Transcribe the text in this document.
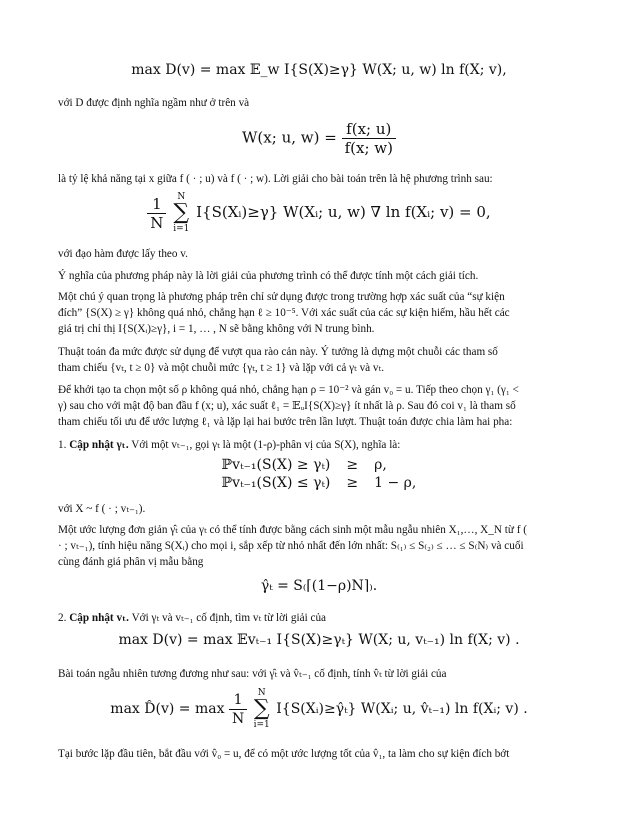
max D(v) = max 𝔼_w I{S(X)≥γ} W(X; u, w) ln f(X; v),

với D được định nghĩa ngầm như ở trên và

W(x; u, $w) = \frac{f(x; u)}{f(x; w)}$

là tỷ lệ khả năng tại x giữa f ( · ; u) và f ( · ; w). Lời giải cho bài toán trên là hệ phương trình sau:

$\frac{1}{N}$
	N
∑
i=1
I{S(Xᵢ)≥γ} W(Xᵢ; u, w) ∇ ln f(Xᵢ; v) = 0,

với đạo hàm được lấy theo v.

Ý nghĩa của phương pháp này là lời giải của phương trình có thể được tính một cách giải tích.

Một chú ý quan trọng là phương pháp trên chỉ sử dụng được trong trường hợp xác suất của “sự kiện

đích” {S(X) ≥ γ} không quá nhỏ, chẳng hạn ℓ ≥ 10⁻⁵. Với xác suất của các sự kiện hiếm, hầu hết các

giá trị chỉ thị I{S(Xᵢ)≥γ}, i = 1, … , N sẽ bằng không với N trung bình.

Thuật toán đa mức được sử dụng để vượt qua rào cản này. Ý tưởng là dựng một chuỗi các tham số

tham chiếu {vₜ, t ≥ 0} và một chuỗi mức {γₜ, t ≥ 1} và lặp với cả γₜ và vₜ.

Để khởi tạo ta chọn một số ρ không quá nhỏ, chẳng hạn ρ = 10⁻² và gán v₀ = u. Tiếp theo chọn γ₁ (γ₁ <

γ) sau cho với mật độ ban đầu f (x; u), xác suất ℓ₁ = 𝔼ᵤI{S(X)≥γ} ít nhất là ρ. Sau đó coi v₁ là tham số

tham chiếu tối ưu để ước lượng ℓ₁ và lặp lại hai bước trên lần lượt. Thuật toán được chia làm hai pha:

1. Cập nhật γₜ. Với một vₜ₋₁, gọi γₜ là một (1-ρ)-phân vị của S(X), nghĩa là:

ℙvₜ₋₁(S(X) ≥ γₜ)	≥	ρ,
ℙvₜ₋₁(S(X) ≤ γₜ)	≥	1 − ρ,

với X ~ f ( · ; vₜ₋₁).

Một ước lượng đơn giản γ̂ₜ của γₜ có thể tính được bằng cách sinh một mẫu ngẫu nhiên X₁,…, X_N từ f (

· ; vₜ₋₁), tính hiệu năng S(Xᵢ) cho mọi i, sắp xếp từ nhỏ nhất đến lớn nhất: S₍₁₎ ≤ S₍₂₎ ≤ … ≤ S₍N₎ và cuối

cùng đánh giá phân vị mẫu bằng

γ̂ₜ = S₍⌈(1−ρ)N⌉₎.

2. Cập nhật vₜ. Với γₜ và vₜ₋₁ cố định, tìm vₜ từ lời giải của

max D(v) = max 𝔼vₜ₋₁ I{S(X)≥γₜ} W(X; u, vₜ₋₁) ln f(X; v) .

Bài toán ngẫu nhiên tương đương như sau: với γ̂ₜ và v̂ₜ₋₁ cố định, tính v̂ₜ từ lời giải của

max D̂(v) = $\max \frac{1}{N}$
	N
∑
i=1
I{S(Xᵢ)≥γ̂ₜ} W(Xᵢ; u, v̂ₜ₋₁) ln f(Xᵢ; v) .

Tại bước lặp đầu tiên, bắt đầu với v̂₀ = u, để có một ước lượng tốt của v̂₁, ta làm cho sự kiện đích bớt
